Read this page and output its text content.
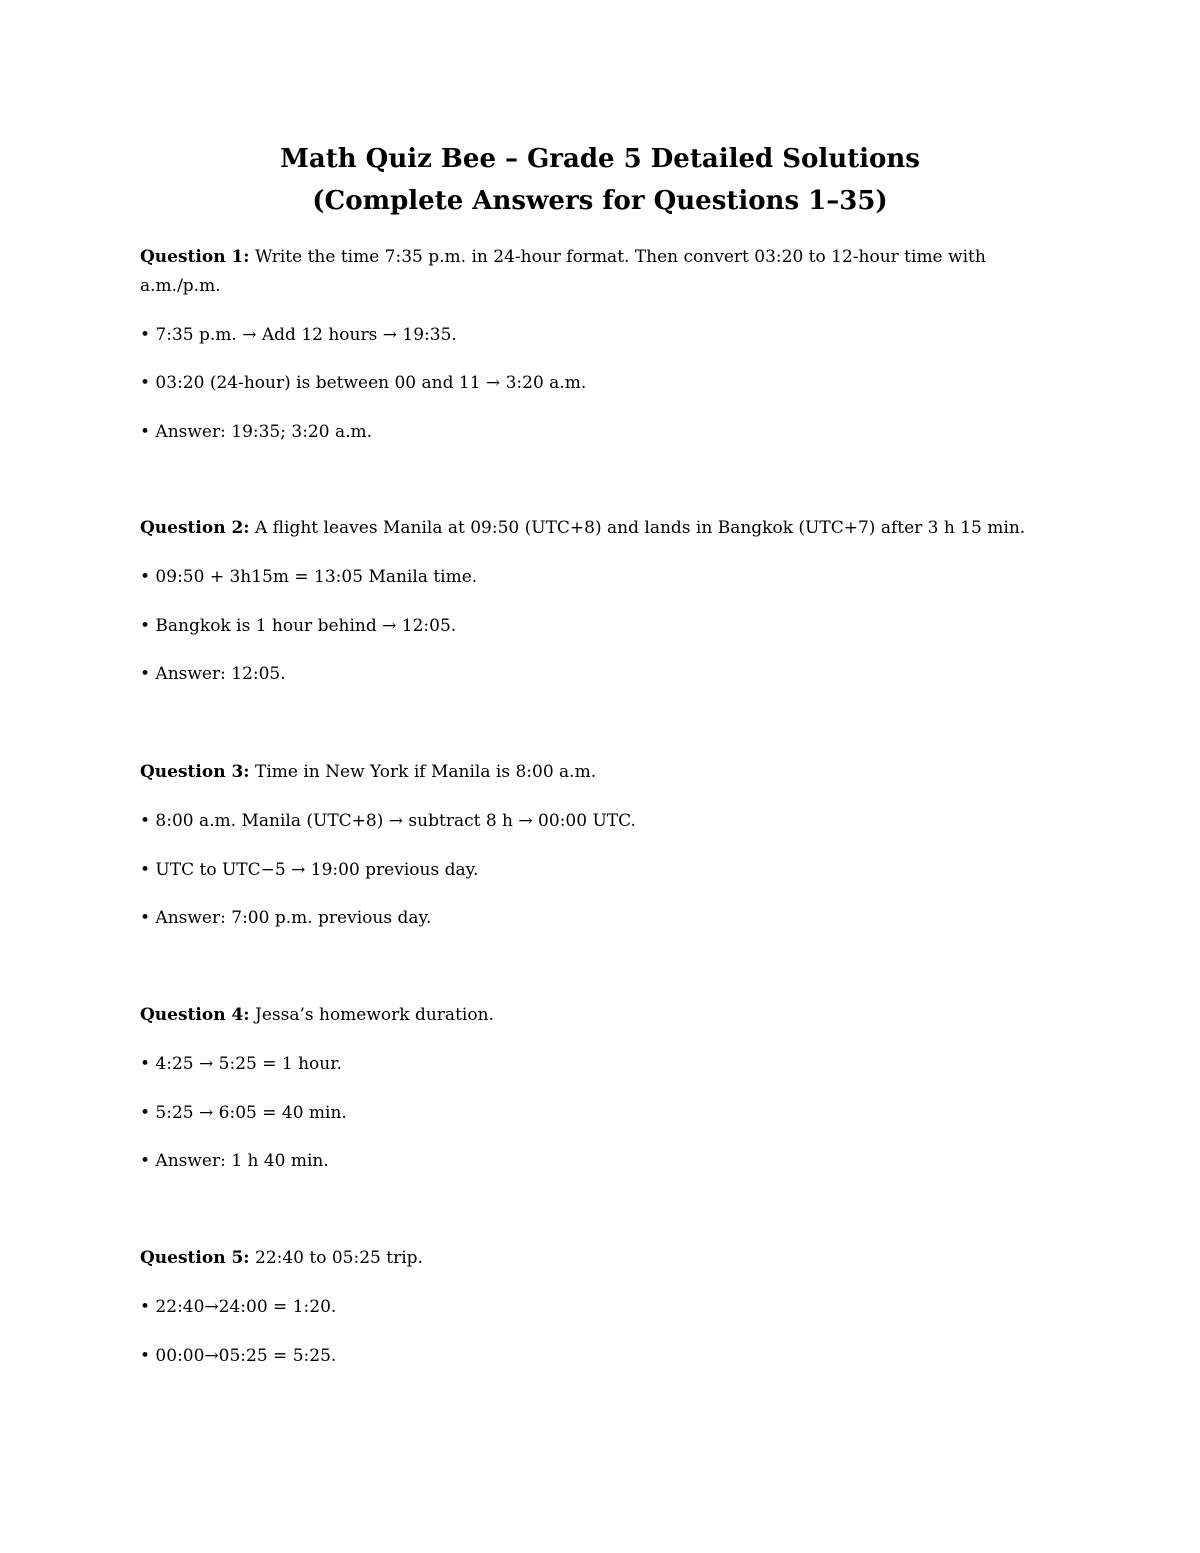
Math Quiz Bee – Grade 5 Detailed Solutions
(Complete Answers for Questions 1–35)

Question 1: Write the time 7:35 p.m. in 24-hour format. Then convert 03:20 to 12-hour time with a.m./p.m.

• 7:35 p.m. → Add 12 hours → 19:35.

• 03:20 (24-hour) is between 00 and 11 → 3:20 a.m.

• Answer: 19:35; 3:20 a.m.

Question 2: A flight leaves Manila at 09:50 (UTC+8) and lands in Bangkok (UTC+7) after 3 h 15 min.

• 09:50 + 3h15m = 13:05 Manila time.

• Bangkok is 1 hour behind → 12:05.

• Answer: 12:05.

Question 3: Time in New York if Manila is 8:00 a.m.

• 8:00 a.m. Manila (UTC+8) → subtract 8 h → 00:00 UTC.

• UTC to UTC−5 → 19:00 previous day.

• Answer: 7:00 p.m. previous day.

Question 4: Jessa’s homework duration.

• 4:25 → 5:25 = 1 hour.

• 5:25 → 6:05 = 40 min.

• Answer: 1 h 40 min.

Question 5: 22:40 to 05:25 trip.

• 22:40→24:00 = 1:20.

• 00:00→05:25 = 5:25.
